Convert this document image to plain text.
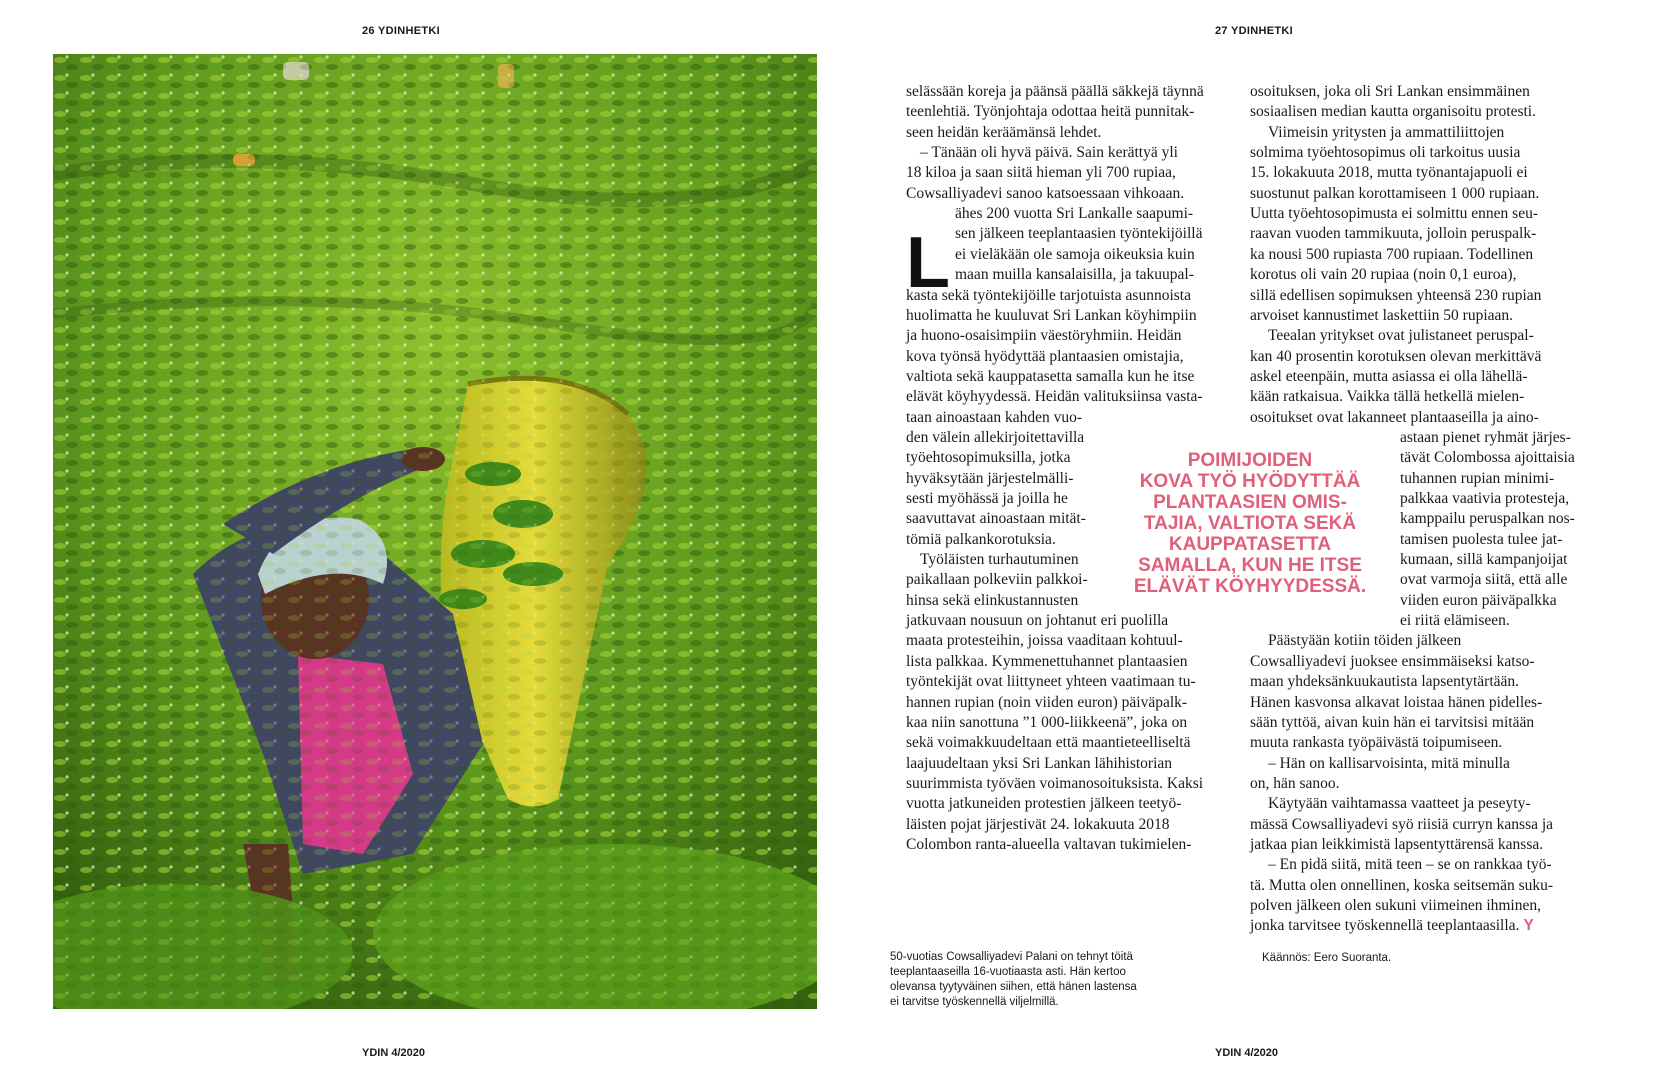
26 YDINHETKI	27 YDINHETKI
50-vuotias Cowsalliyadevi Palani on tehnyt töitä
teeplantaaseilla 16-vuotiaasta asti. Hän kertoo
olevansa tyytyväinen siihen, että hänen lastensa
ei tarvitse työskennellä viljelmillä.
Käännös: Eero Suoranta.
YDIN 4/2020	YDIN 4/2020
L
POIMIJOIDEN
KOVA TYÖ HYÖDYTTÄÄ
PLANTAASIEN OMIS-
TAJIA, VALTIOTA SEKÄ
KAUPPATASETTA
SAMALLA, KUN HE ITSE
ELÄVÄT KÖYHYYDESSÄ.
selässään koreja ja päänsä päällä säkkejä täynnä
teenlehtiä. Työnjohtaja odottaa heitä punnitak-
seen heidän keräämänsä lehdet.
– Tänään oli hyvä päivä. Sain kerättyä yli
18 kiloa ja saan siitä hieman yli 700 rupiaa,
Cowsalliyadevi sanoo katsoessaan vihkoaan.
ähes 200 vuotta Sri Lankalle saapumi-
sen jälkeen teeplantaasien työntekijöillä
ei vieläkään ole samoja oikeuksia kuin
maan muilla kansalaisilla, ja takuupal-
kasta sekä työntekijöille tarjotuista asunnoista
huolimatta he kuuluvat Sri Lankan köyhimpiin
ja huono-osaisimpiin väestöryhmiin. Heidän
kova työnsä hyödyttää plantaasien omistajia,
valtiota sekä kauppatasetta samalla kun he itse
elävät köyhyydessä. Heidän valituksiinsa vasta-
taan ainoastaan kahden vuo-
den välein allekirjoitettavilla
työehtosopimuksilla, jotka
hyväksytään järjestelmälli-
sesti myöhässä ja joilla he
saavuttavat ainoastaan mität-
tömiä palkankorotuksia.
Työläisten turhautuminen
paikallaan polkeviin palkkoi-
hinsa sekä elinkustannusten
jatkuvaan nousuun on johtanut eri puolilla
maata protesteihin, joissa vaaditaan kohtuul-
lista palkkaa. Kymmenettuhannet plantaasien
työntekijät ovat liittyneet yhteen vaatimaan tu-
hannen rupian (noin viiden euron) päiväpalk-
kaa niin sanottuna ”1 000-liikkeenä”, joka on
sekä voimakkuudeltaan että maantieteelliseltä
laajuudeltaan yksi Sri Lankan lähihistorian
suurimmista työväen voimanosoituksista. Kaksi
vuotta jatkuneiden protestien jälkeen teetyö-
läisten pojat järjestivät 24. lokakuuta 2018
Colombon ranta-alueella valtavan tukimielen-
osoituksen, joka oli Sri Lankan ensimmäinen
sosiaalisen median kautta organisoitu protesti.
Viimeisin yritysten ja ammattiliittojen
solmima työehtosopimus oli tarkoitus uusia
15. lokakuuta 2018, mutta työnantajapuoli ei
suostunut palkan korottamiseen 1 000 rupiaan.
Uutta työehtosopimusta ei solmittu ennen seu-
raavan vuoden tammikuuta, jolloin peruspalk-
ka nousi 500 rupiasta 700 rupiaan. Todellinen
korotus oli vain 20 rupiaa (noin 0,1 euroa),
sillä edellisen sopimuksen yhteensä 230 rupian
arvoiset kannustimet laskettiin 50 rupiaan.
Teealan yritykset ovat julistaneet peruspal-
kan 40 prosentin korotuksen olevan merkittävä
askel eteenpäin, mutta asiassa ei olla lähellä-
kään ratkaisua. Vaikka tällä hetkellä mielen-
osoitukset ovat lakanneet plantaaseilla ja aino-
astaan pienet ryhmät järjes-
tävät Colombossa ajoittaisia
tuhannen rupian minimi-
palkkaa vaativia protesteja,
kamppailu peruspalkan nos-
tamisen puolesta tulee jat-
kumaan, sillä kampanjoijat
ovat varmoja siitä, että alle
viiden euron päiväpalkka
ei riitä elämiseen.
Päästyään kotiin töiden jälkeen
Cowsalliyadevi juoksee ensimmäiseksi katso-
maan yhdeksänkuukautista lapsentytärtään.
Hänen kasvonsa alkavat loistaa hänen pidelles-
sään tyttöä, aivan kuin hän ei tarvitsisi mitään
muuta rankasta työpäivästä toipumiseen.
– Hän on kallisarvoisinta, mitä minulla
on, hän sanoo.
Käytyään vaihtamassa vaatteet ja peseyty-
mässä Cowsalliyadevi syö riisiä curryn kanssa ja
jatkaa pian leikkimistä lapsentyttärensä kanssa.
– En pidä siitä, mitä teen – se on rankkaa työ-
tä. Mutta olen onnellinen, koska seitsemän suku-
polven jälkeen olen sukuni viimeinen ihminen,
jonka tarvitsee työskennellä teeplantaasilla. Y
